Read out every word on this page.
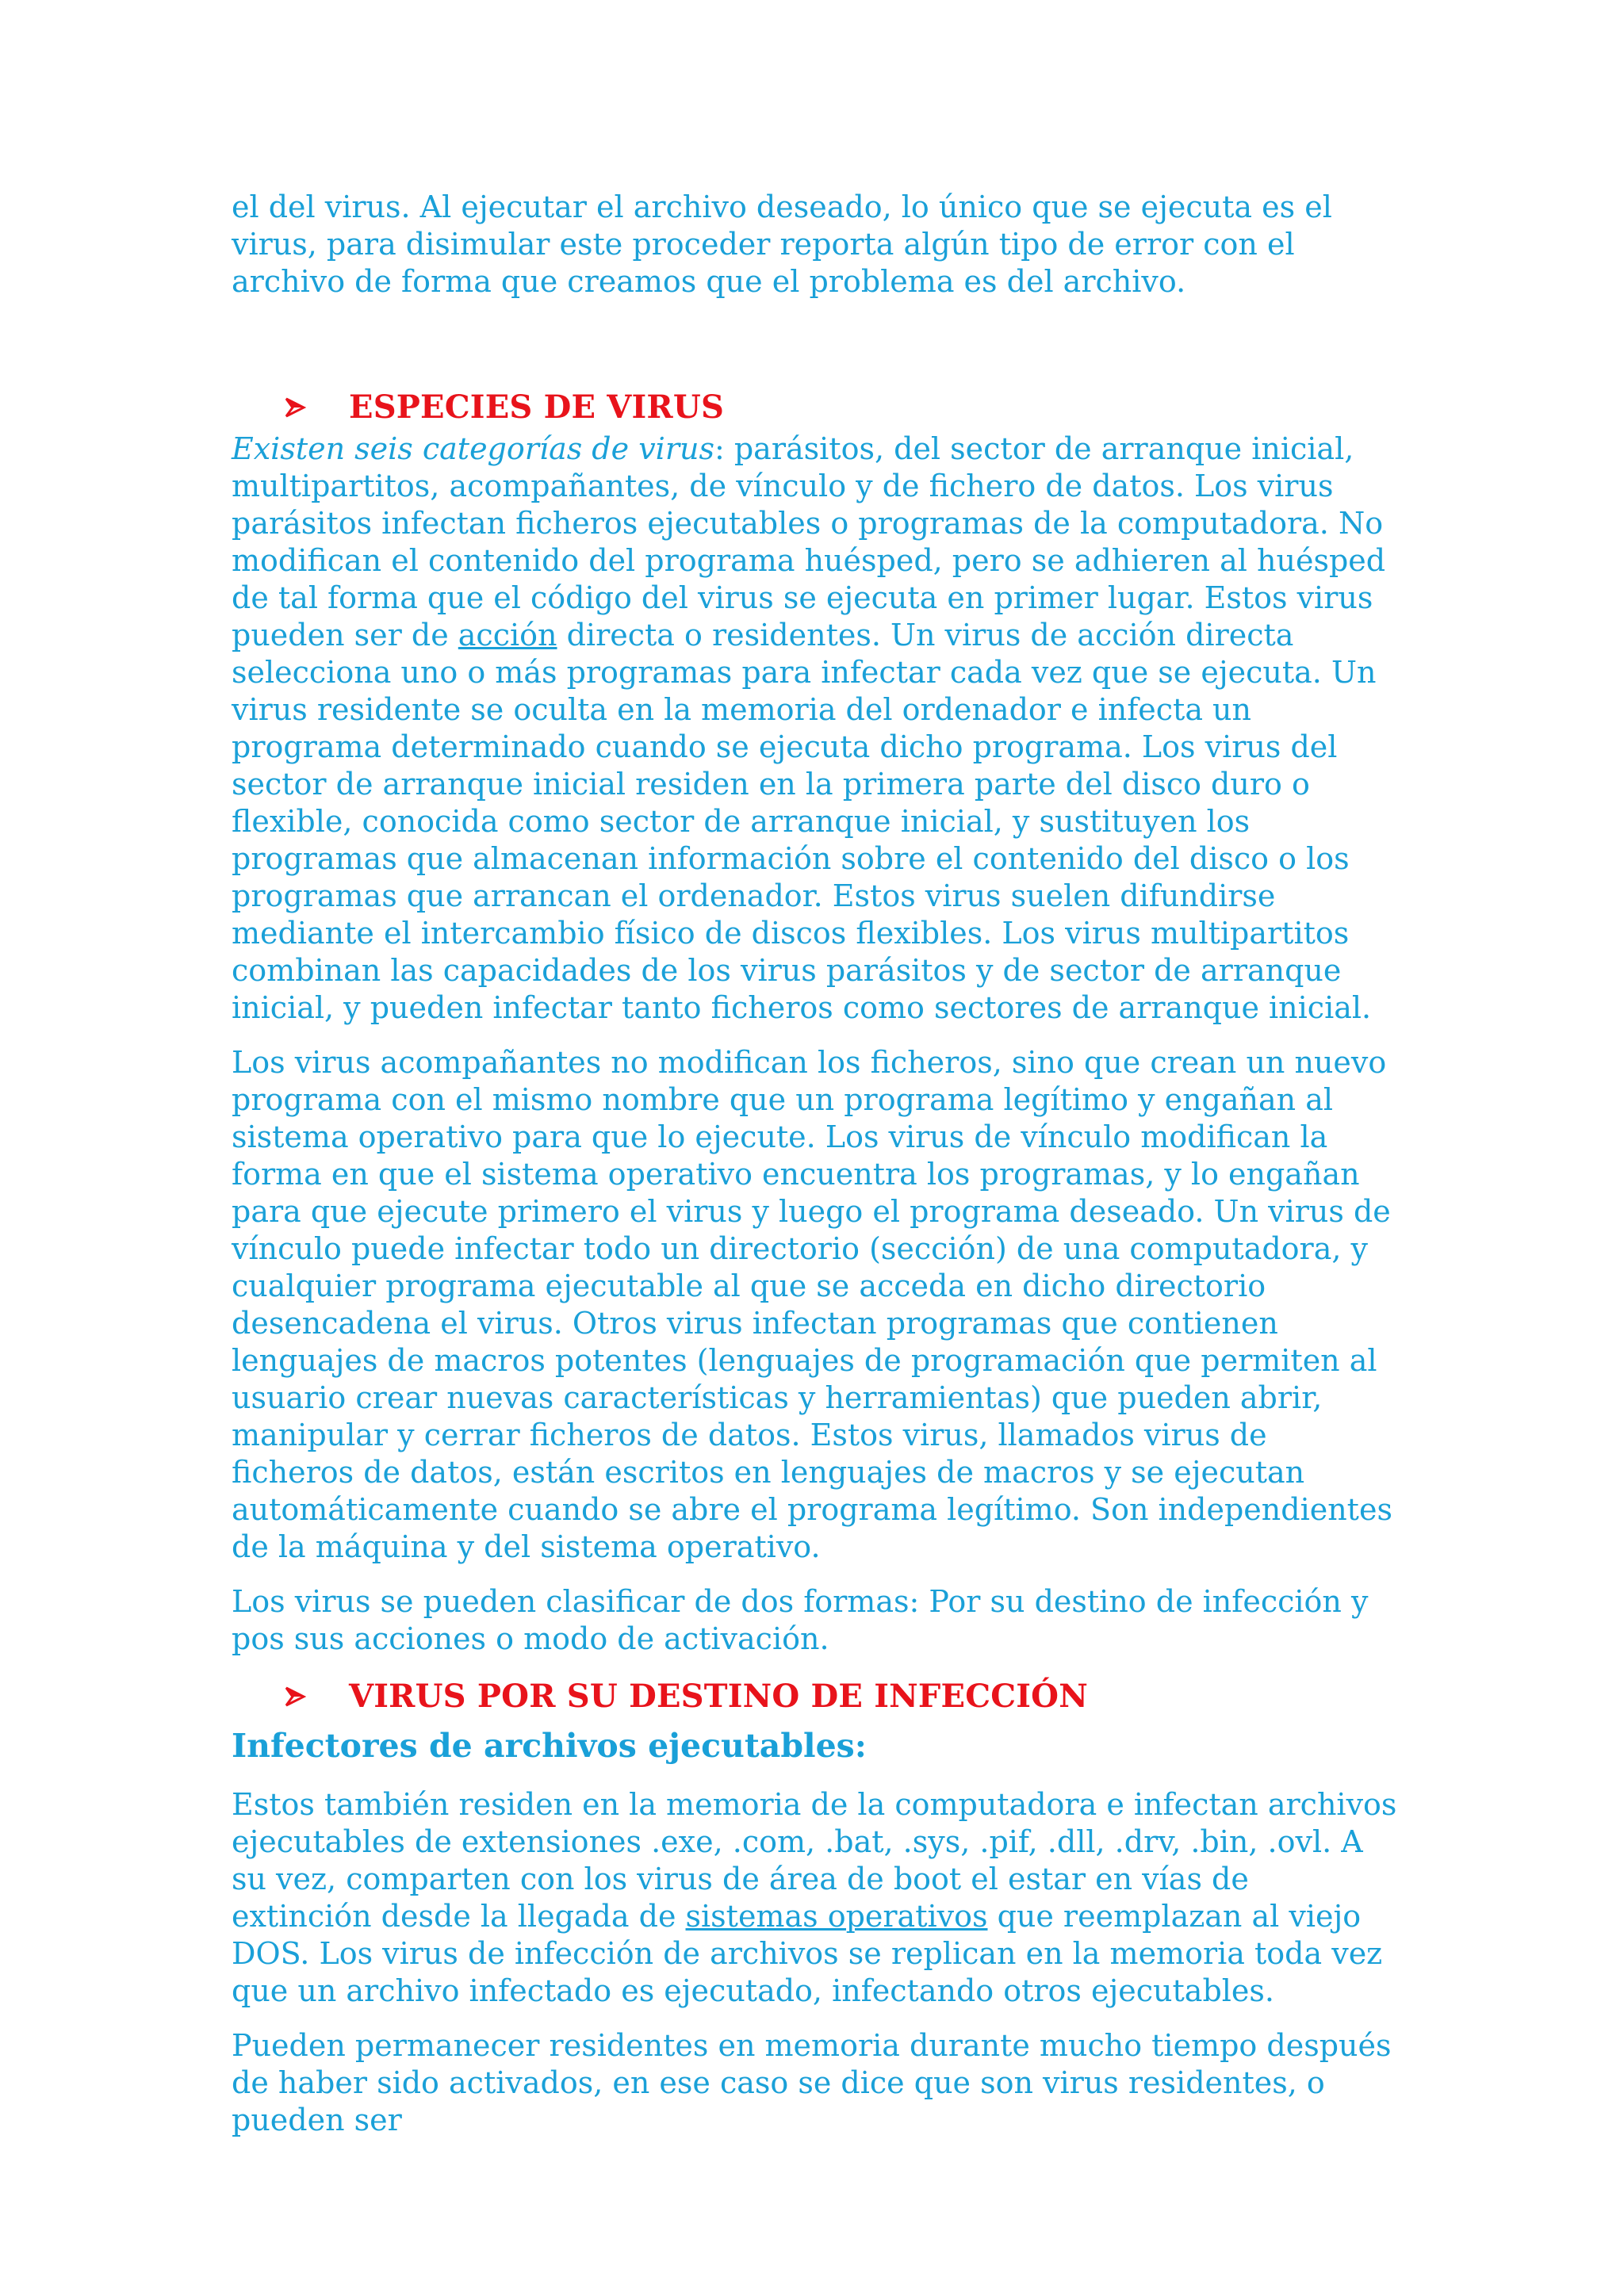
el del virus. Al ejecutar el archivo deseado, lo único que se ejecuta es el virus, para disimular este proceder reporta algún tipo de error con el archivo de forma que creamos que el problema es del archivo.

ESPECIES DE VIRUS

Existen seis categorías de virus: parásitos, del sector de arranque inicial, multipartitos, acompañantes, de vínculo y de fichero de datos. Los virus parásitos infectan ficheros ejecutables o programas de la computadora. No modifican el contenido del programa huésped, pero se adhieren al huésped de tal forma que el código del virus se ejecuta en primer lugar. Estos virus pueden ser de acción directa o residentes. Un virus de acción directa selecciona uno o más programas para infectar cada vez que se ejecuta. Un virus residente se oculta en la memoria del ordenador e infecta un programa determinado cuando se ejecuta dicho programa. Los virus del sector de arranque inicial residen en la primera parte del disco duro o flexible, conocida como sector de arranque inicial, y sustituyen los programas que almacenan información sobre el contenido del disco o los programas que arrancan el ordenador. Estos virus suelen difundirse mediante el intercambio físico de discos flexibles. Los virus multipartitos combinan las capacidades de los virus parásitos y de sector de arranque inicial, y pueden infectar tanto ficheros como sectores de arranque inicial.

Los virus acompañantes no modifican los ficheros, sino que crean un nuevo programa con el mismo nombre que un programa legítimo y engañan al sistema operativo para que lo ejecute. Los virus de vínculo modifican la forma en que el sistema operativo encuentra los programas, y lo engañan para que ejecute primero el virus y luego el programa deseado. Un virus de vínculo puede infectar todo un directorio (sección) de una computadora, y cualquier programa ejecutable al que se acceda en dicho directorio desencadena el virus. Otros virus infectan programas que contienen lenguajes de macros potentes (lenguajes de programación que permiten al usuario crear nuevas características y herramientas) que pueden abrir, manipular y cerrar ficheros de datos. Estos virus, llamados virus de ficheros de datos, están escritos en lenguajes de macros y se ejecutan automáticamente cuando se abre el programa legítimo. Son independientes de la máquina y del sistema operativo.

Los virus se pueden clasificar de dos formas: Por su destino de infección y pos sus acciones o modo de activación.

VIRUS POR SU DESTINO DE INFECCIÓN

Infectores de archivos ejecutables:

Estos también residen en la memoria de la computadora e infectan archivos ejecutables de extensiones .exe, .com, .bat, .sys, .pif, .dll, .drv, .bin, .ovl. A su vez, comparten con los virus de área de boot el estar en vías de extinción desde la llegada de sistemas operativos que reemplazan al viejo DOS. Los virus de infección de archivos se replican en la memoria toda vez que un archivo infectado es ejecutado, infectando otros ejecutables.

Pueden permanecer residentes en memoria durante mucho tiempo después de haber sido activados, en ese caso se dice que son virus residentes, o pueden ser
